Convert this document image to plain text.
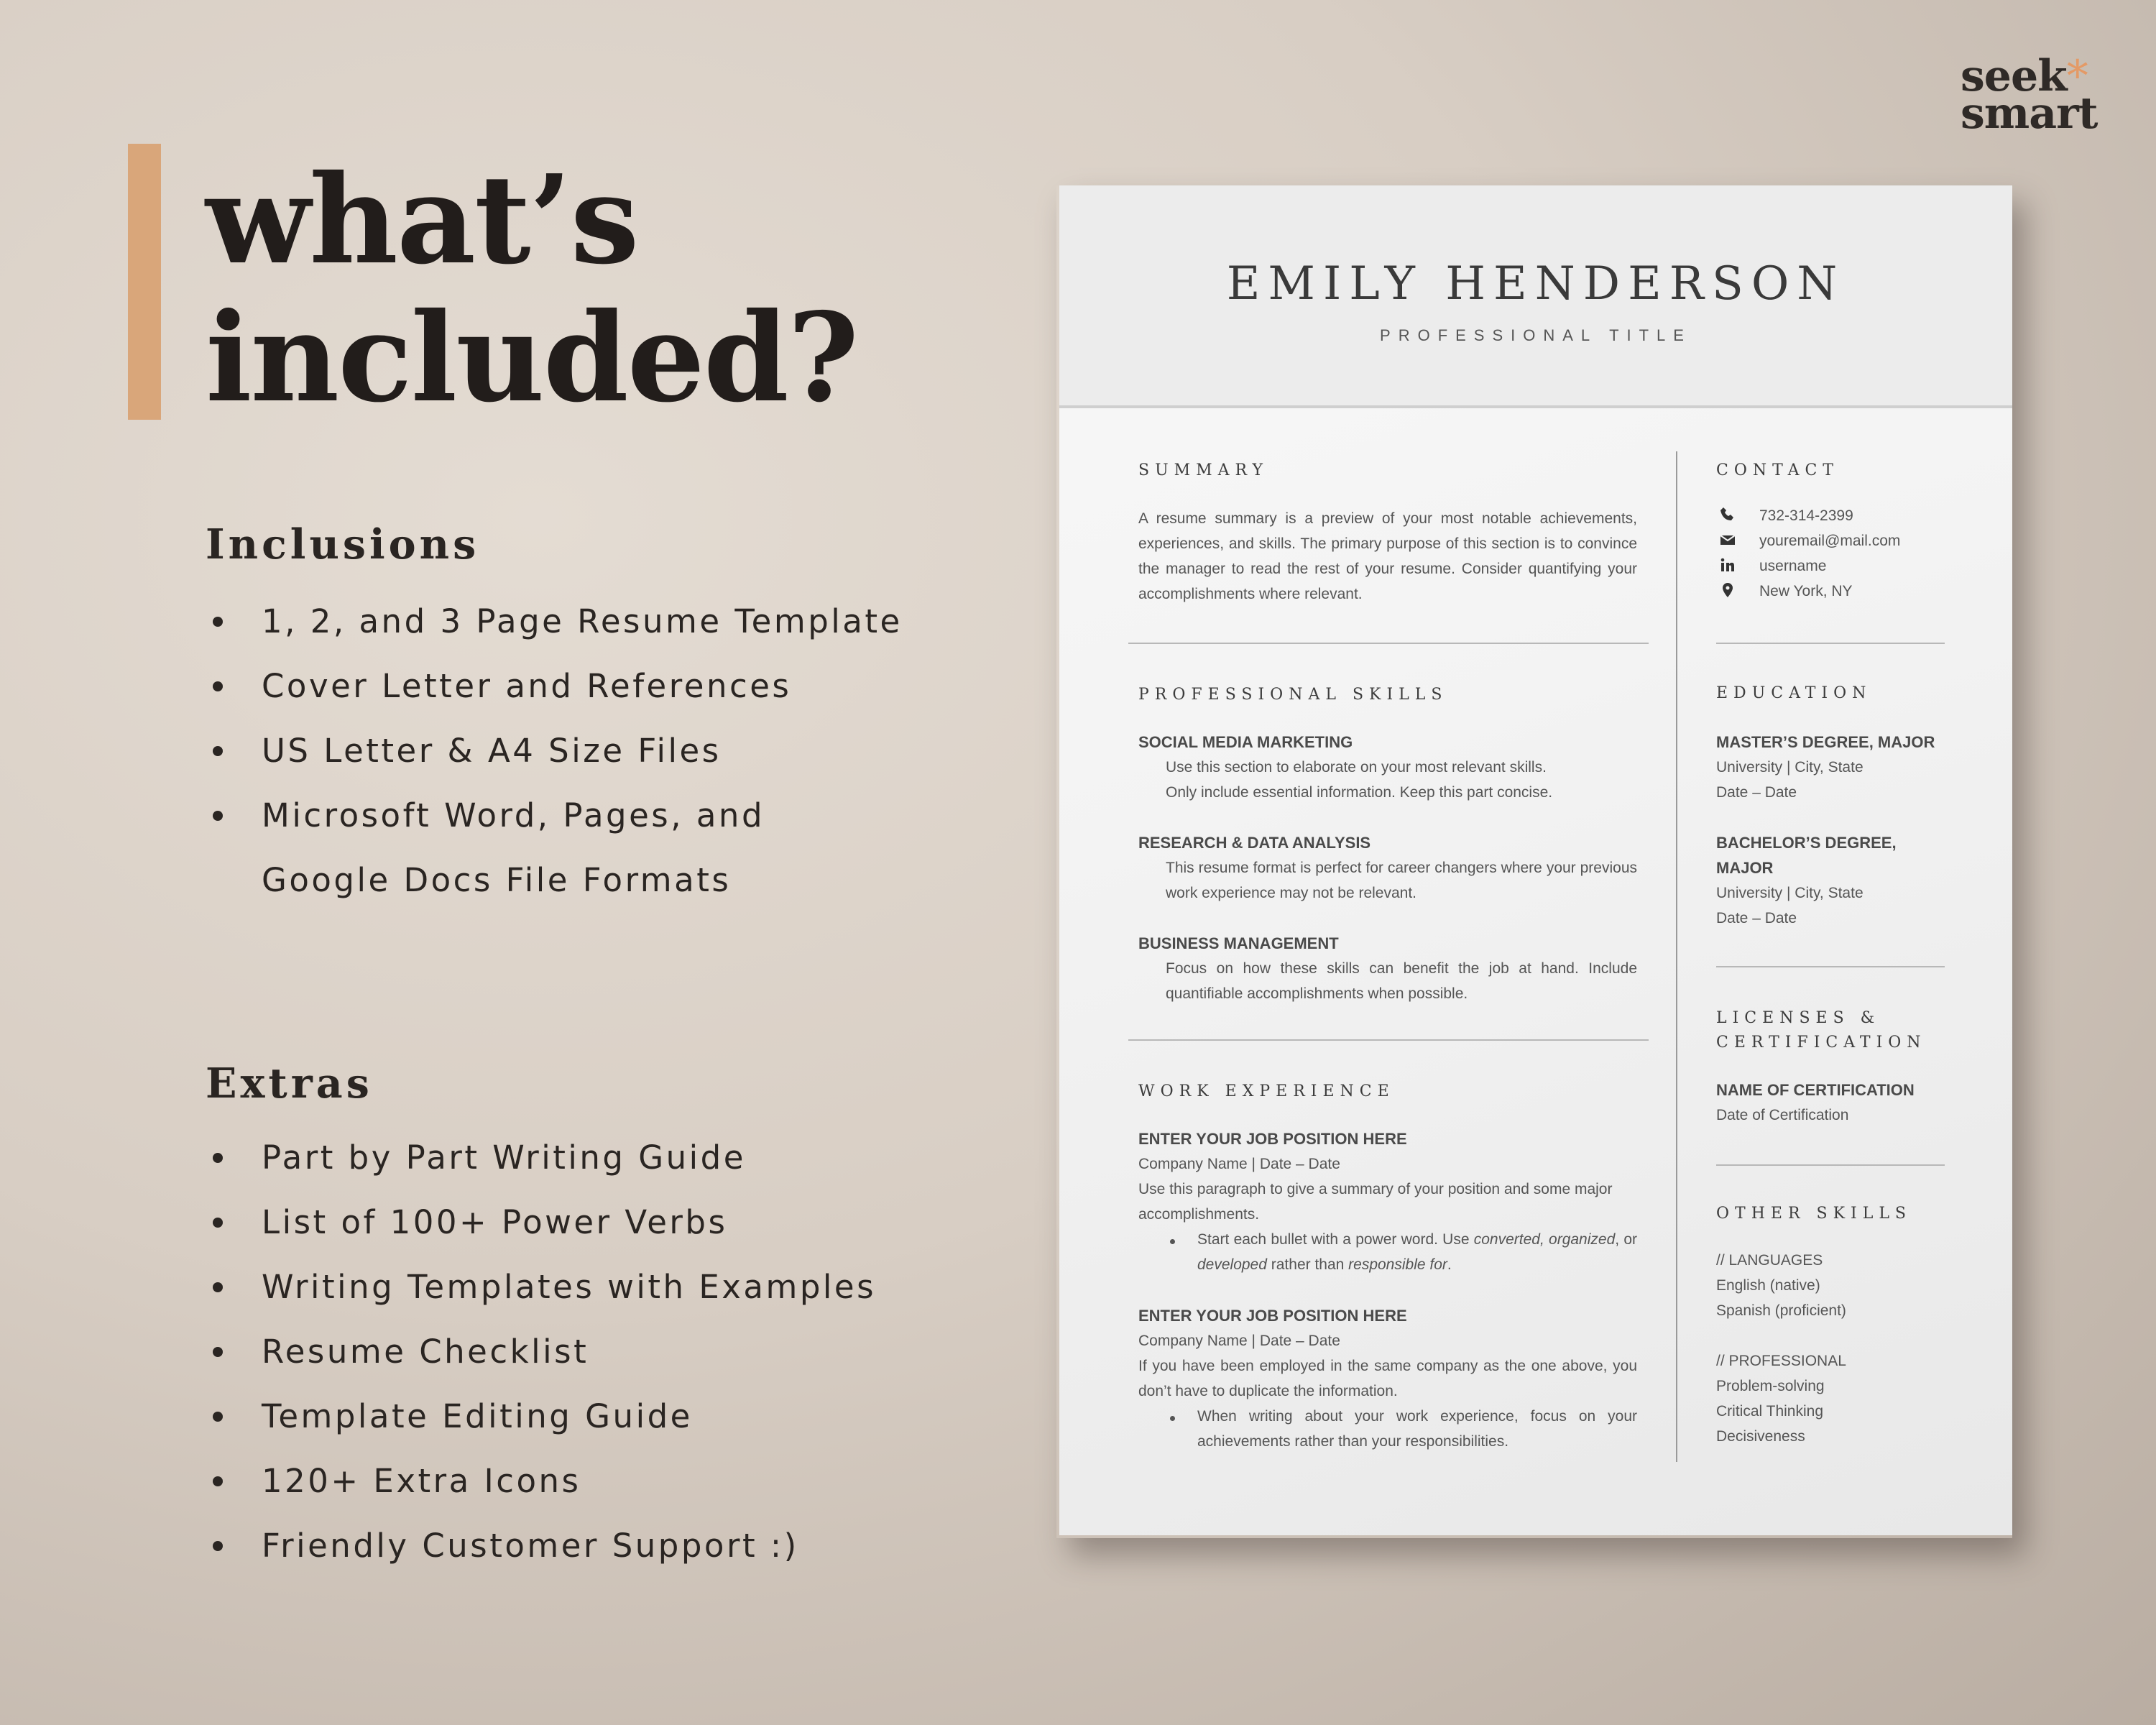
what’s
included?
seek*
smart
Inclusions
1, 2, and 3 Page Resume Template
Cover Letter and References
US Letter & A4 Size Files
Microsoft Word, Pages, and
Google Docs File Formats
Extras
Part by Part Writing Guide
List of 100+ Power Verbs
Writing Templates with Examples
Resume Checklist
Template Editing Guide
120+ Extra Icons
Friendly Customer Support :)
EMILY HENDERSON
PROFESSIONAL TITLE
SUMMARY
A resume summary is a preview of your most notable achievements, experiences, and skills. The primary purpose of this section is to convince the manager to read the rest of your resume. Consider quantifying your accomplishments where relevant.
PROFESSIONAL SKILLS
SOCIAL MEDIA MARKETING
Use this section to elaborate on your most relevant skills.
Only include essential information. Keep this part concise.
RESEARCH & DATA ANALYSIS
This resume format is perfect for career changers where your previous work experience may not be relevant.
BUSINESS MANAGEMENT
Focus on how these skills can benefit the job at hand. Include quantifiable accomplishments when possible.
WORK EXPERIENCE
ENTER YOUR JOB POSITION HERE
Company Name | Date – Date
Use this paragraph to give a summary of your position and some major accomplishments.
Start each bullet with a power word. Use converted, organized, or developed rather than responsible for.
ENTER YOUR JOB POSITION HERE
Company Name | Date – Date
If you have been employed in the same company as the one above, you don’t have to duplicate the information.
When writing about your work experience, focus on your achievements rather than your responsibilities.
CONTACT
732-314-2399
youremail@mail.com
username
New York, NY
EDUCATION
MASTER’S DEGREE, MAJOR
University | City, State
Date – Date
BACHELOR’S DEGREE,
MAJOR
University | City, State
Date – Date
LICENSES &
CERTIFICATION
NAME OF CERTIFICATION
Date of Certification
OTHER SKILLS
// LANGUAGES
English (native)
Spanish (proficient)
// PROFESSIONAL
Problem-solving
Critical Thinking
Decisiveness
